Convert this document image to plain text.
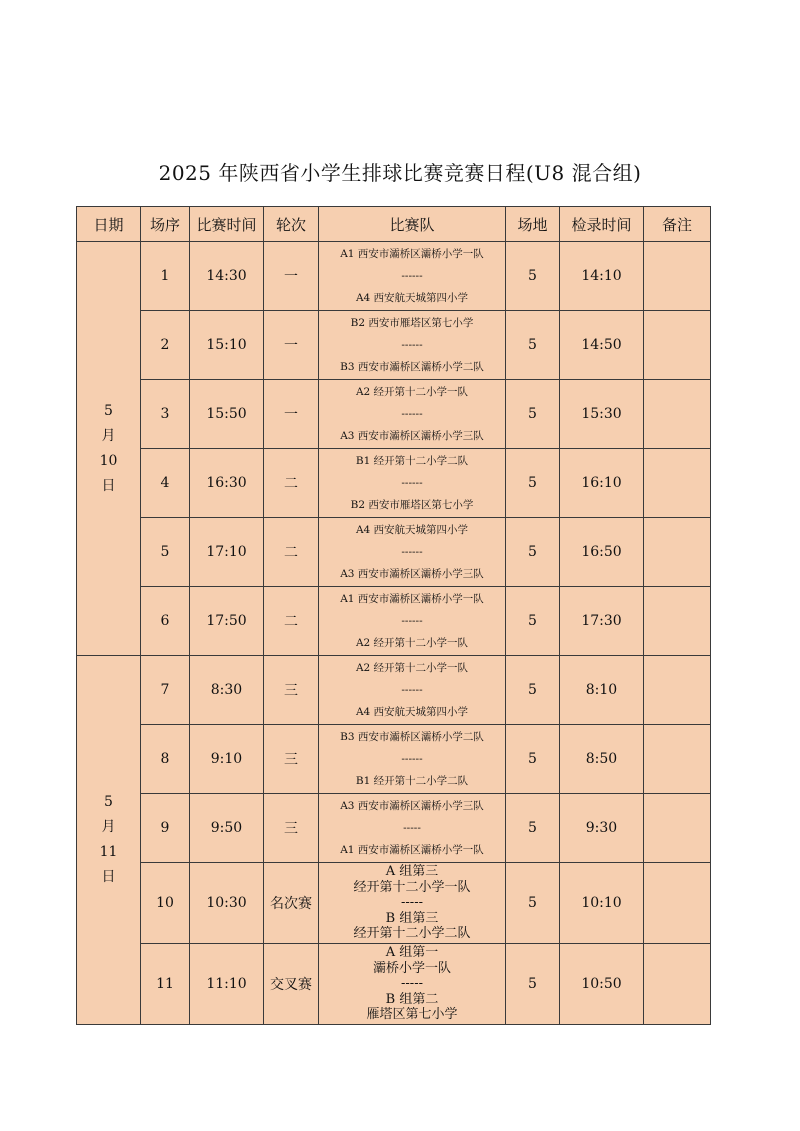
2025 年陕西省小学生排球比赛竞赛日程(U8 混合组)
日期	场序	比赛时间	轮次	比赛队	场地	检录时间	备注

5
月
10
日	1	14:30	一	A1 西安市灞桥区灞桥小学一队
------
A4 西安航天城第四小学	5	14:10	
	2	15:10	一	B2 西安市雁塔区第七小学
------
B3 西安市灞桥区灞桥小学二队	5	14:50	
	3	15:50	一	A2 经开第十二小学一队
------
A3 西安市灞桥区灞桥小学三队	5	15:30	
	4	16:30	二	B1 经开第十二小学二队
------
B2 西安市雁塔区第七小学	5	16:10	
	5	17:10	二	A4 西安航天城第四小学
------
A3 西安市灞桥区灞桥小学三队	5	16:50	
	6	17:50	二	A1 西安市灞桥区灞桥小学一队
------
A2 经开第十二小学一队	5	17:30	

5
月
11
日	7	8:30	三	A2 经开第十二小学一队
------
A4 西安航天城第四小学	5	8:10	
	8	9:10	三	B3 西安市灞桥区灞桥小学二队
------
B1 经开第十二小学二队	5	8:50	
	9	9:50	三	A3 西安市灞桥区灞桥小学三队
-----
A1 西安市灞桥区灞桥小学一队	5	9:30	
	10	10:30	名次赛	A 组第三
经开第十二小学一队
-----
B 组第三
经开第十二小学二队	5	10:10	
	11	11:10	交叉赛	A 组第一
灞桥小学一队
-----
B 组第二
雁塔区第七小学	5	10:50	
